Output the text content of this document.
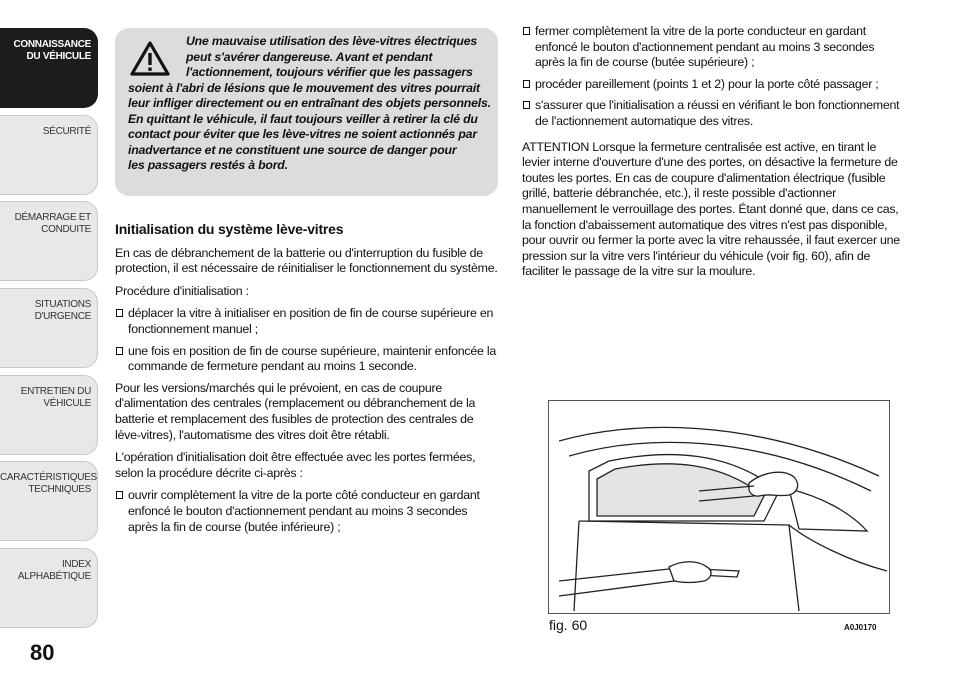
CONNAISSANCE
DU VÉHICULE
SÉCURITÉ
DÉMARRAGE ET
CONDUITE
SITUATIONS
D'URGENCE
ENTRETIEN DU
VÉHICULE
CARACTÉRISTIQUES
TECHNIQUES
INDEX
ALPHABÉTIQUE
80
Une mauvaise utilisation des lève-vitres électriques
peut s'avérer dangereuse. Avant et pendant
l'actionnement, toujours vérifier que les passagers
soient à l'abri de lésions que le mouvement des vitres pourrait
leur infliger directement ou en entraînant des objets personnels.
En quittant le véhicule, il faut toujours veiller à retirer la clé du
contact pour éviter que les lève-vitres ne soient actionnés par
inadvertance et ne constituent une source de danger pour
les passagers restés à bord.
Initialisation du système lève-vitres

En cas de débranchement de la batterie ou d'interruption du fusible de protection, il est nécessaire de réinitialiser le fonctionnement du système.

Procédure d'initialisation :

déplacer la vitre à initialiser en position de fin de course supérieure en fonctionnement manuel ;
une fois en position de fin de course supérieure, maintenir enfoncée la commande de fermeture pendant au moins 1 seconde.

Pour les versions/marchés qui le prévoient, en cas de coupure d'alimentation des centrales (remplacement ou débranchement de la batterie et remplacement des fusibles de protection des centrales de lève-vitres), l'automatisme des vitres doit être rétabli.

L'opération d'initialisation doit être effectuée avec les portes fermées, selon la procédure décrite ci-après :

ouvrir complètement la vitre de la porte côté conducteur en gardant enfoncé le bouton d'actionnement pendant au moins 3 secondes après la fin de course (butée inférieure) ;
fermer complètement la vitre de la porte conducteur en gardant enfoncé le bouton d'actionnement pendant au moins 3 secondes après la fin de course (butée supérieure) ;
procéder pareillement (points 1 et 2) pour la porte côté passager ;
s'assurer que l'initialisation a réussi en vérifiant le bon fonctionnement de l'actionnement automatique des vitres.

ATTENTION Lorsque la fermeture centralisée est active, en tirant le levier interne d'ouverture d'une des portes, on désactive la fermeture de toutes les portes. En cas de coupure d'alimentation électrique (fusible grillé, batterie débranchée, etc.), il reste possible d'actionner manuellement le verrouillage des portes. Étant donné que, dans ce cas, la fonction d'abaissement automatique des vitres n'est pas disponible, pour ouvrir ou fermer la porte avec la vitre rehaussée, il faut exercer une pression sur la vitre vers l'intérieur du véhicule (voir fig. 60), afin de faciliter le passage de la vitre sur la moulure.

fig. 60	A0J0170
